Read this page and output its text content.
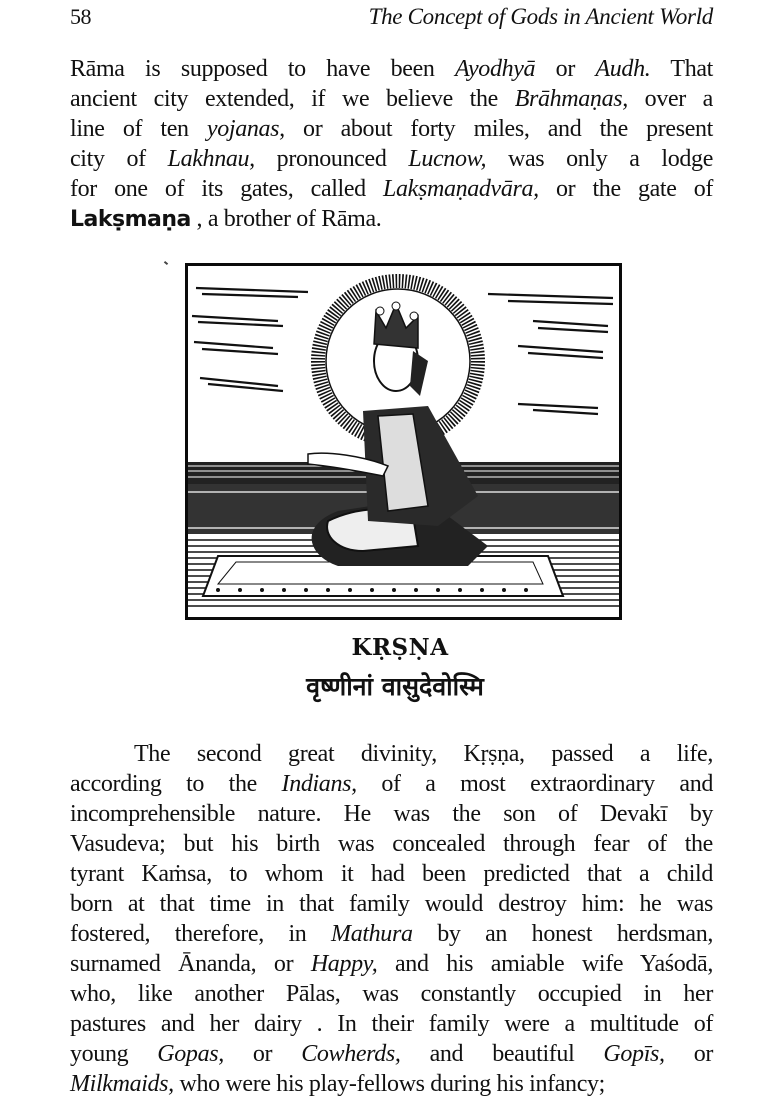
58	The Concept of Gods in Ancient World
Rāma is supposed to have been Ayodhyā or Audh. That
ancient city extended, if we believe the Brāhmaṇas, over a
line of ten yojanas, or about forty miles, and the present
city of Lakhnau, pronounced Lucnow, was only a lodge
for one of its gates, called Lakṣmaṇadvāra, or the gate of
Lakṣmaṇa , a brother of Rāma.
KṚṢṆA
वृष्णीनां वासुदेवोस्मि
The second great divinity, Kṛṣṇa, passed a life,
according to the Indians, of a most extraordinary and
incomprehensible nature. He was the son of Devakī by
Vasudeva; but his birth was concealed through fear of the
tyrant Kaṁsa, to whom it had been predicted that a child
born at that time in that family would destroy him: he was
fostered, therefore, in Mathura by an honest herdsman,
surnamed Ānanda, or Happy, and his amiable wife Yaśodā,
who, like another Pālas, was constantly occupied in her
pastures and her dairy . In their family were a multitude of
young Gopas, or Cowherds, and beautiful Gopīs, or
Milkmaids, who were his play-fellows during his infancy;
